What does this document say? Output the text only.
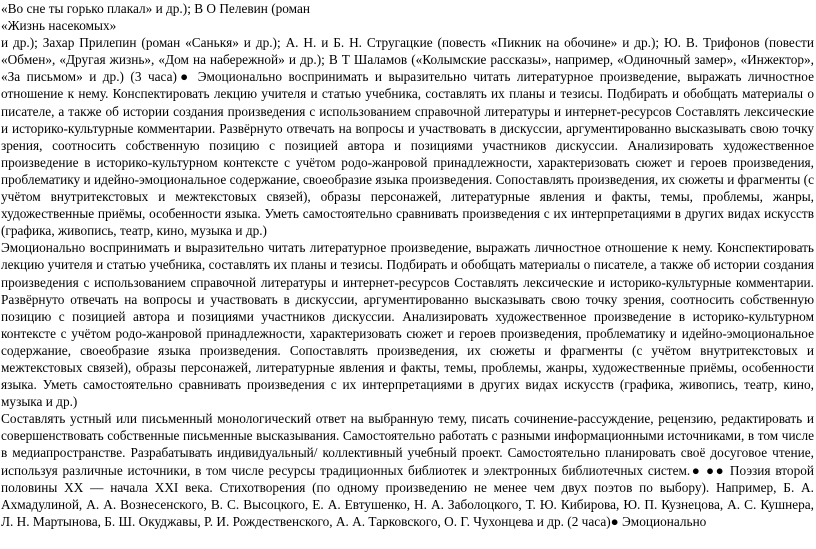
«Во сне ты горько плакал» и др.); В О Пелевин (роман
«Жизнь насекомых»
и др.); Захар Прилепин (роман «Санькя» и др.); А. Н. и Б. Н. Стругацкие (повесть «Пикник на обочине» и др.); Ю. В. Трифонов (повести «Обмен», «Другая жизнь», «Дом на набережной» и др.); В Т Шаламов («Колымские рассказы», например, «Одиночный замер», «Инжектор», «За письмом» и др.) (3 часа)● Эмоционально воспринимать и выразительно читать литературное произведение, выражать личностное отношение к нему. Конспектировать лекцию учителя и статью учебника, составлять их планы и тезисы. Подбирать и обобщать материалы о писателе, а также об истории создания произведения с использованием справочной литературы и интернет-ресурсов Составлять лексические и историко-культурные комментарии. Развёрнуто отвечать на вопросы и участвовать в дискуссии, аргументированно высказывать свою точку зрения, соотносить собственную позицию с позицией автора и позициями участников дискуссии. Анализировать художественное произведение в историко-культурном контексте с учётом родо-жанровой принадлежности, характеризовать сюжет и героев произведения, проблематику и идейно-эмоциональное содержание, своеобразие языка произведения. Сопоставлять произведения, их сюжеты и фрагменты (с учётом внутритекстовых и межтекстовых связей), образы персонажей, литературные явления и факты, темы, проблемы, жанры, художественные приёмы, особенности языка. Уметь самостоятельно сравнивать произведения с их интерпретациями в других видах искусств (графика, живопись, театр, кино, музыка и др.)
Эмоционально воспринимать и выразительно читать литературное произведение, выражать личностное отношение к нему. Конспектировать лекцию учителя и статью учебника, составлять их планы и тезисы. Подбирать и обобщать материалы о писателе, а также об истории создания произведения с использованием справочной литературы и интернет-ресурсов Составлять лексические и историко-культурные комментарии. Развёрнуто отвечать на вопросы и участвовать в дискуссии, аргументированно высказывать свою точку зрения, соотносить собственную позицию с позицией автора и позициями участников дискуссии. Анализировать художественное произведение в историко-культурном контексте с учётом родо-жанровой принадлежности, характеризовать сюжет и героев произведения, проблематику и идейно-эмоциональное содержание, своеобразие языка произведения. Сопоставлять произведения, их сюжеты и фрагменты (с учётом внутритекстовых и межтекстовых связей), образы персонажей, литературные явления и факты, темы, проблемы, жанры, художественные приёмы, особенности языка. Уметь самостоятельно сравнивать произведения с их интерпретациями в других видах искусств (графика, живопись, театр, кино, музыка и др.)
Составлять устный или письменный монологический ответ на выбранную тему, писать сочинение-рассуждение, рецензию, редактировать и совершенствовать собственные письменные высказывания. Самостоятельно работать с разными информационными источниками, в том числе в медиапространстве. Разрабатывать индивидуальный/ коллективный учебный проект. Самостоятельно планировать своё досуговое чтение, используя различные источники, в том числе ресурсы традиционных библиотек и электронных библиотечных систем.● ●● Поэзия второй половины XX — начала XXI века. Стихотворения (по одному произведению не менее чем двух поэтов по выбору). Например, Б. А. Ахмадулиной, А. А. Вознесенского, В. С. Высоцкого, Е. А. Евтушенко, Н. А. Заболоцкого, Т. Ю. Кибирова, Ю. П. Кузнецова, А. С. Кушнера, Л. Н. Мартынова, Б. Ш. Окуджавы, Р. И. Рождественского, А. А. Тарковского, О. Г. Чухонцева и др. (2 часа)● Эмоционально
